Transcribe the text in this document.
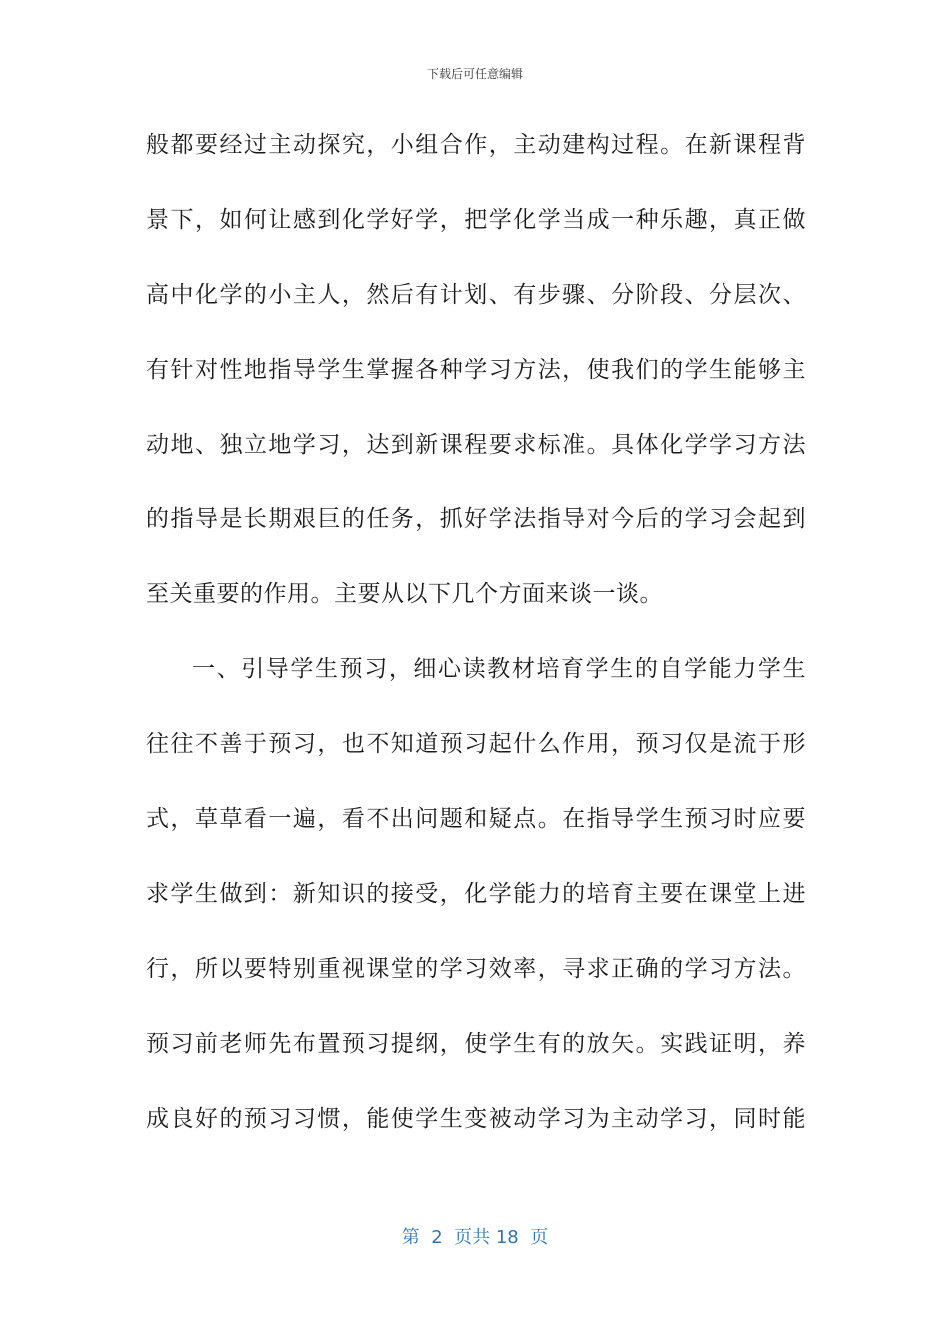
下载后可任意编辑
般都要经过主动探究，小组合作，主动建构过程。在新课程背
景下，如何让感到化学好学，把学化学当成一种乐趣，真正做
高中化学的小主人，然后有计划、有步骤、分阶段、分层次、
有针对性地指导学生掌握各种学习方法，使我们的学生能够主
动地、独立地学习，达到新课程要求标准。具体化学学习方法
的指导是长期艰巨的任务，抓好学法指导对今后的学习会起到
至关重要的作用。主要从以下几个方面来谈一谈。
一、引导学生预习，细心读教材培育学生的自学能力学生
往往不善于预习，也不知道预习起什么作用，预习仅是流于形
式，草草看一遍，看不出问题和疑点。在指导学生预习时应要
求学生做到：新知识的接受，化学能力的培育主要在课堂上进
行，所以要特别重视课堂的学习效率，寻求正确的学习方法。
预习前老师先布置预习提纲，使学生有的放矢。实践证明，养
成良好的预习习惯，能使学生变被动学习为主动学习，同时能
第  2  页共 18  页
